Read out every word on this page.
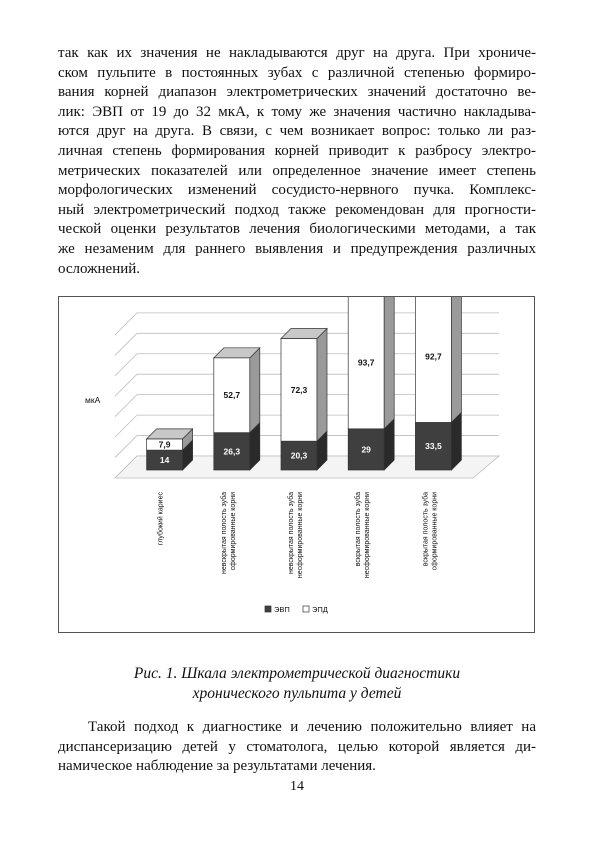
так как их значения не накладываются друг на друга. При хрониче-
ском пульпите в постоянных зубах с различной степенью формиро-
вания корней диапазон электрометрических значений достаточно ве-
лик: ЭВП от 19 до 32 мкА, к тому же значения частично накладыва-
ются друг на друга. В связи, с чем возникает вопрос: только ли раз-
личная степень формирования корней приводит к разбросу электро-
метрических показателей или определенное значение имеет степень
морфологических изменений сосудисто-нервного пучка. Комплекс-
ный электрометрический подход также рекомендован для прогности-
ческой оценки результатов лечения биологическими методами, а так
же незаменим для раннего выявления и предупреждения различных
осложнений.
мкА
14
7,9
глубокий кариес
26,3
52,7
невскрытая полость зуба сформированные корни
20,3
72,3
невскрытая полость зуба несформированные корни
29
93,7
вскрытая полость зуба несформированные корни
33,5
92,7
вскрытая полость зуба сформированные корни
ЭВП	ЭПД
Рис. 1. Шкала электрометрической диагностики
хронического пульпита у детей
Такой подход к диагностике и лечению положительно влияет на
диспансеризацию детей у стоматолога, целью которой является ди-
намическое наблюдение за результатами лечения.
14
